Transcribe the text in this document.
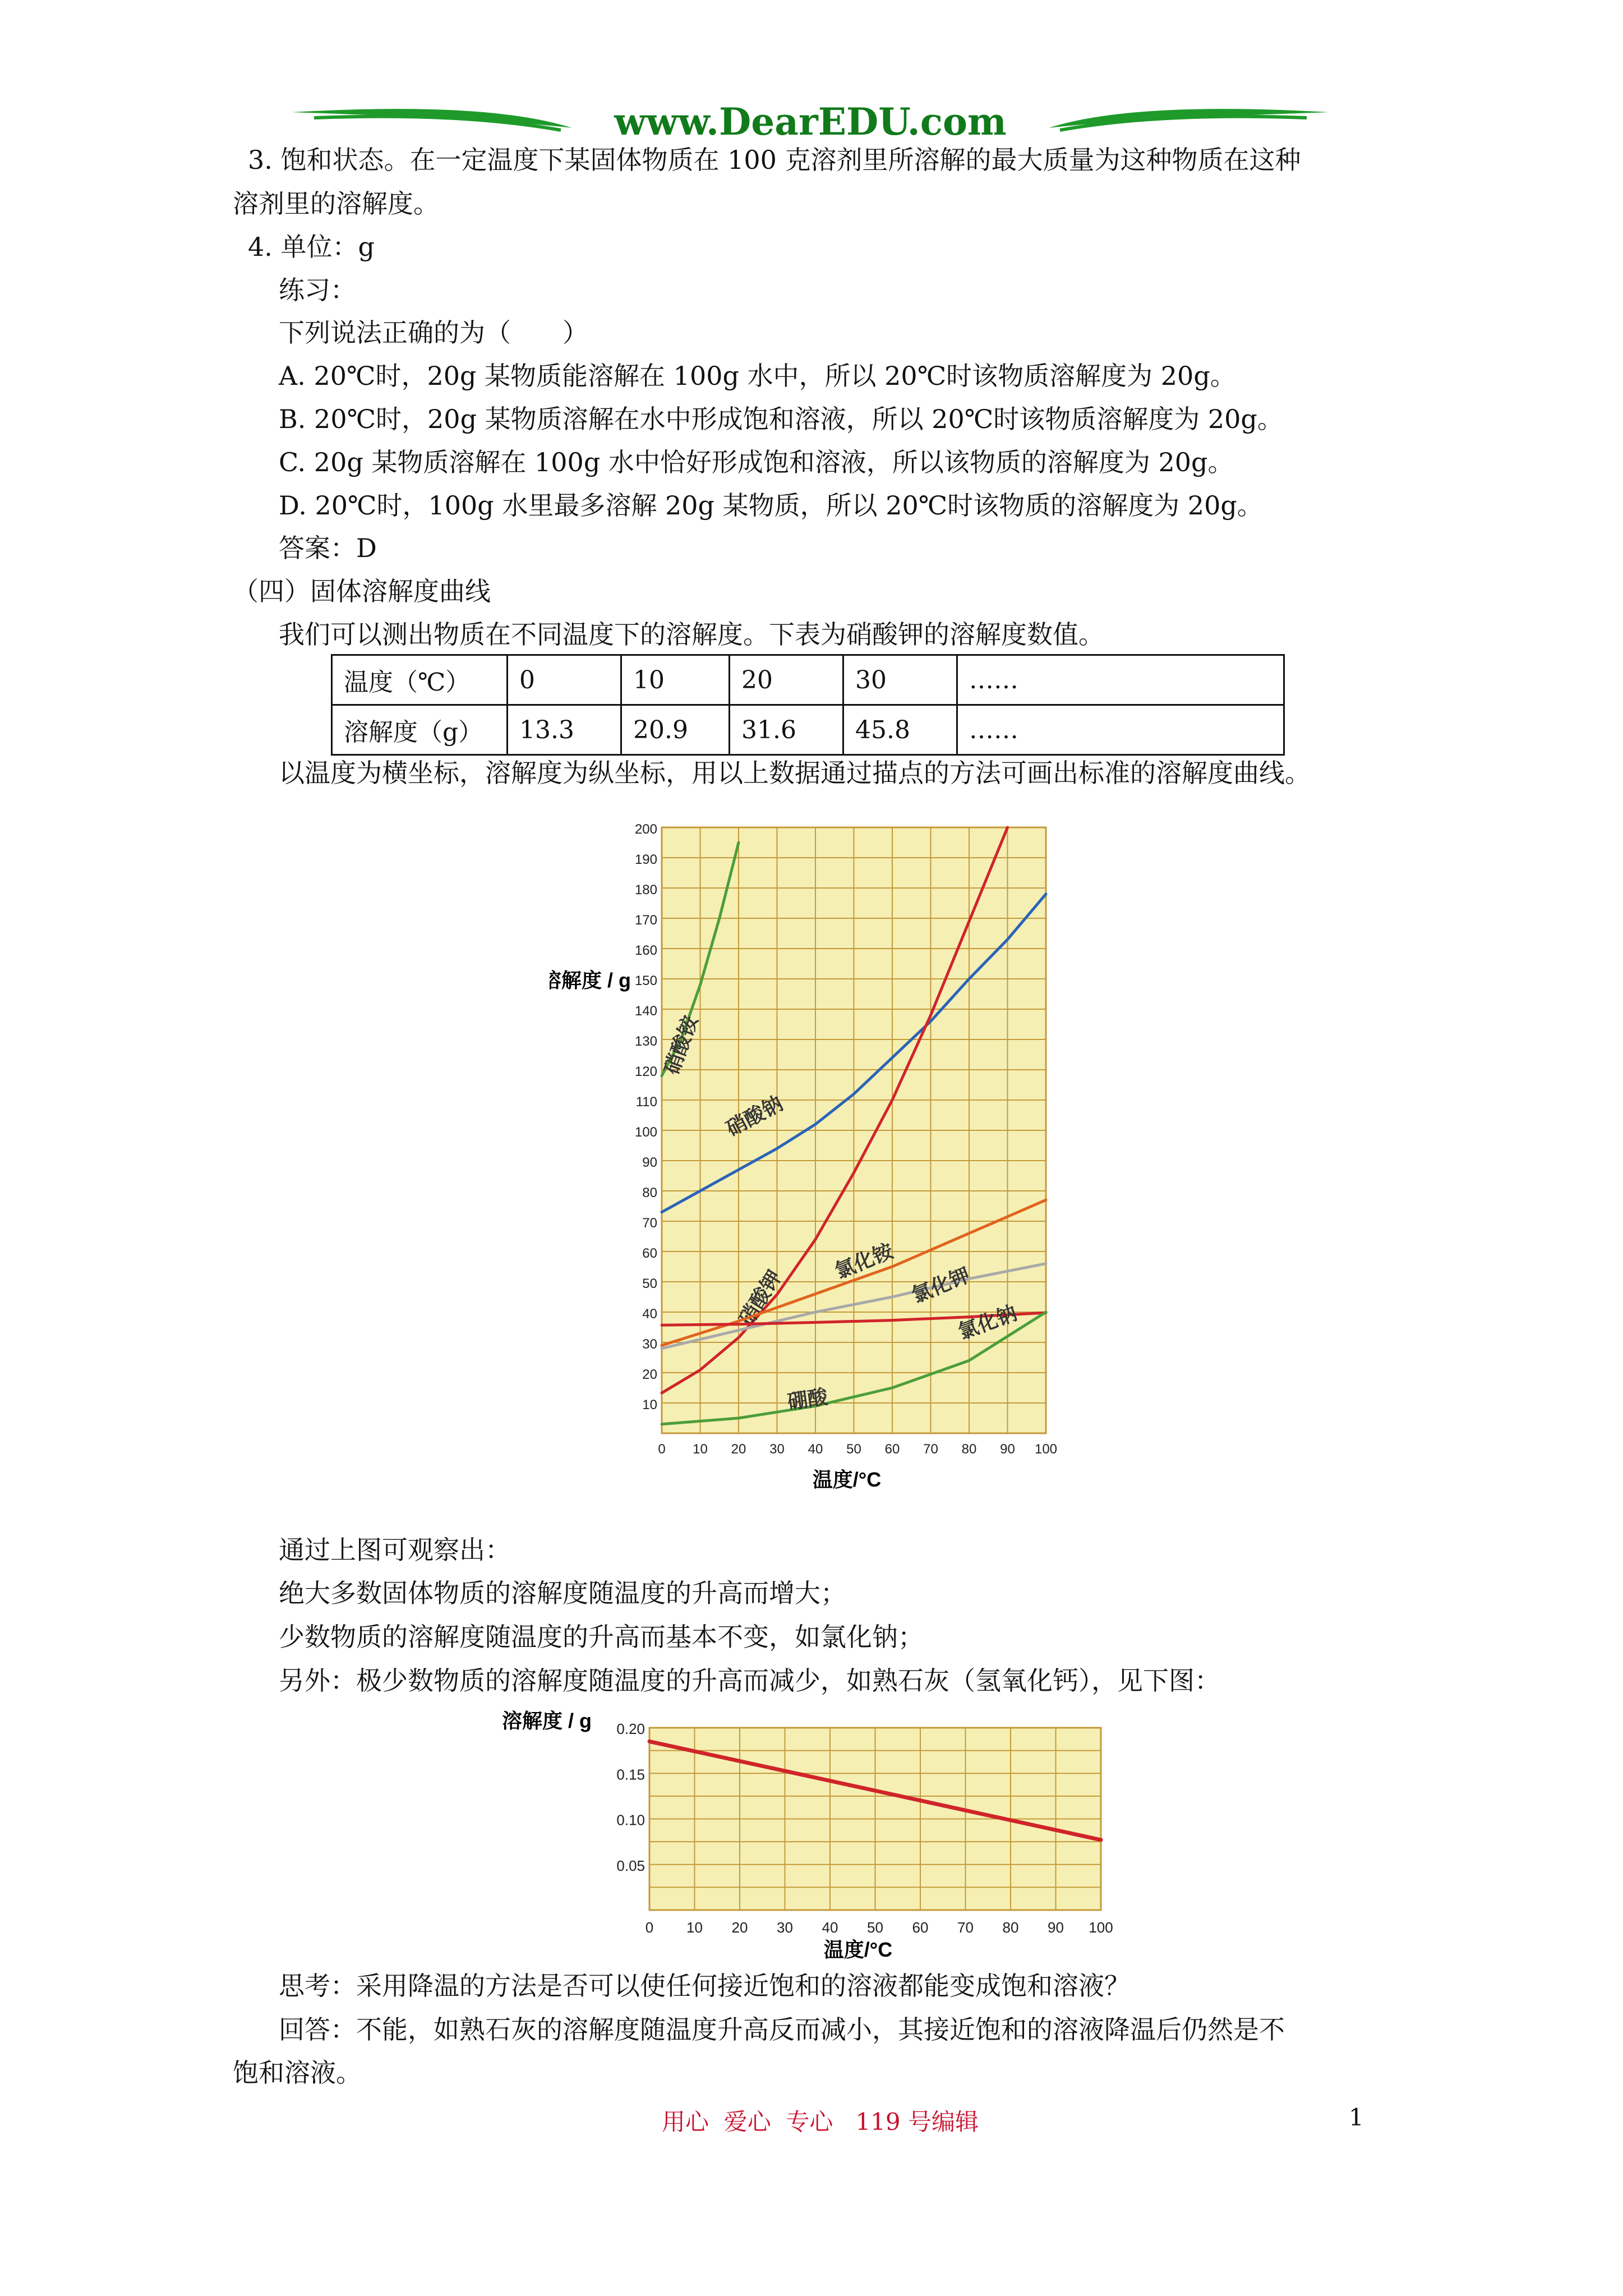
www.DearEDU.com
3. 饱和状态。在一定温度下某固体物质在 100 克溶剂里所溶解的最大质量为这种物质在这种
溶剂里的溶解度。
4. 单位：g
练习：
下列说法正确的为（　　）
A. 20℃时，20g 某物质能溶解在 100g 水中，所以 20℃时该物质溶解度为 20g。
B. 20℃时，20g 某物质溶解在水中形成饱和溶液，所以 20℃时该物质溶解度为 20g。
C. 20g 某物质溶解在 100g 水中恰好形成饱和溶液，所以该物质的溶解度为 20g。
D. 20℃时，100g 水里最多溶解 20g 某物质，所以 20℃时该物质的溶解度为 20g。
答案：D
（四）固体溶解度曲线
我们可以测出物质在不同温度下的溶解度。下表为硝酸钾的溶解度数值。
温度（℃）	0	10	20	30	……
溶解度（g）	13.3	20.9	31.6	45.8	……
以温度为横坐标，溶解度为纵坐标，用以上数据通过描点的方法可画出标准的溶解度曲线。
溶解度 / g
温度/°C
0 10 20 30 40 50 60 70 80 90 100
10
20
30
40
50
60
70
80
90
100
110
120
130
140
150
160
170
180
190
200
硝酸铵
硝酸钠
硝酸钾
氯化铵
氯化钾
氯化钠
硼酸
通过上图可观察出：
绝大多数固体物质的溶解度随温度的升高而增大；
少数物质的溶解度随温度的升高而基本不变，如氯化钠；
另外：极少数物质的溶解度随温度的升高而减少，如熟石灰（氢氧化钙），见下图：
溶解度 / g
温度/°C
0 10 20 30 40 50 60 70 80 90 100
0.05
0.10
0.15
0.20
思考：采用降温的方法是否可以使任何接近饱和的溶液都能变成饱和溶液？
回答：不能，如熟石灰的溶解度随温度升高反而减小，其接近饱和的溶液降温后仍然是不
饱和溶液。
用心  爱心  专心   119 号编辑	1
